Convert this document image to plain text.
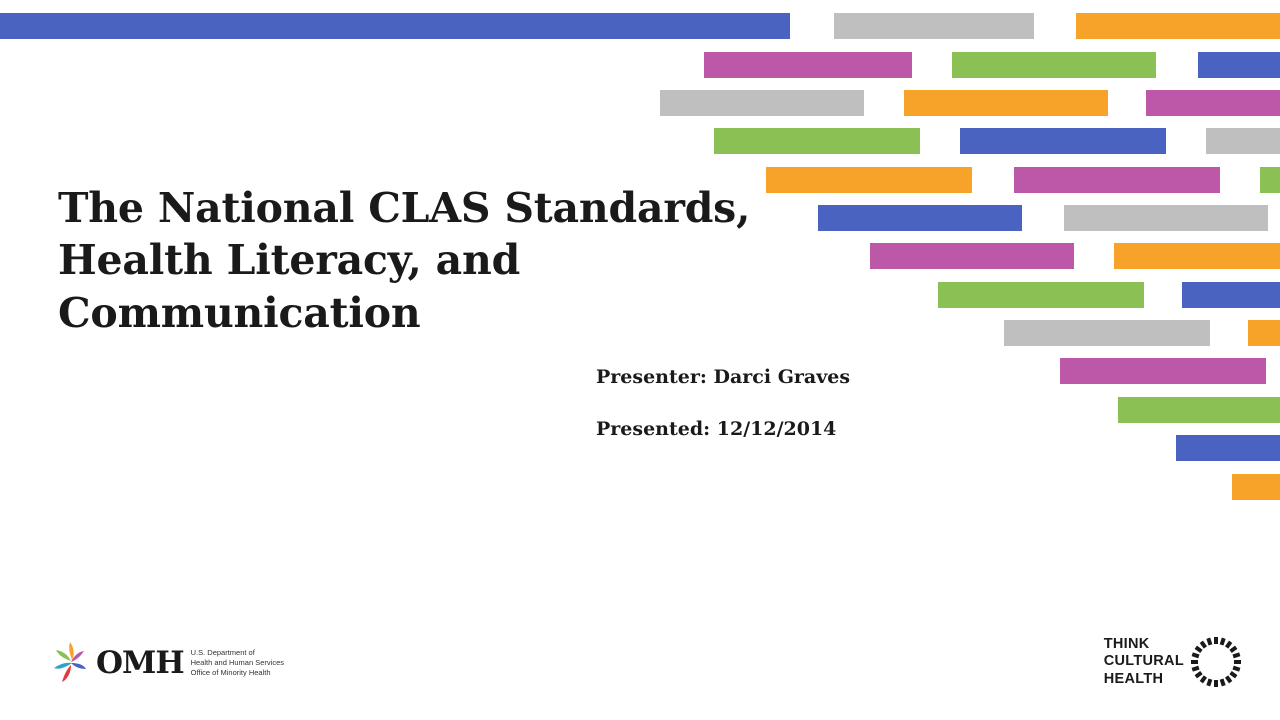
The National CLAS Standards,
Health Literacy, and
Communication
Presenter: Darci Graves
Presented: 12/12/2014
OMH U.S. Department of
Health and Human Services
Office of Minority Health
THINK
CULTURAL
HEALTH
